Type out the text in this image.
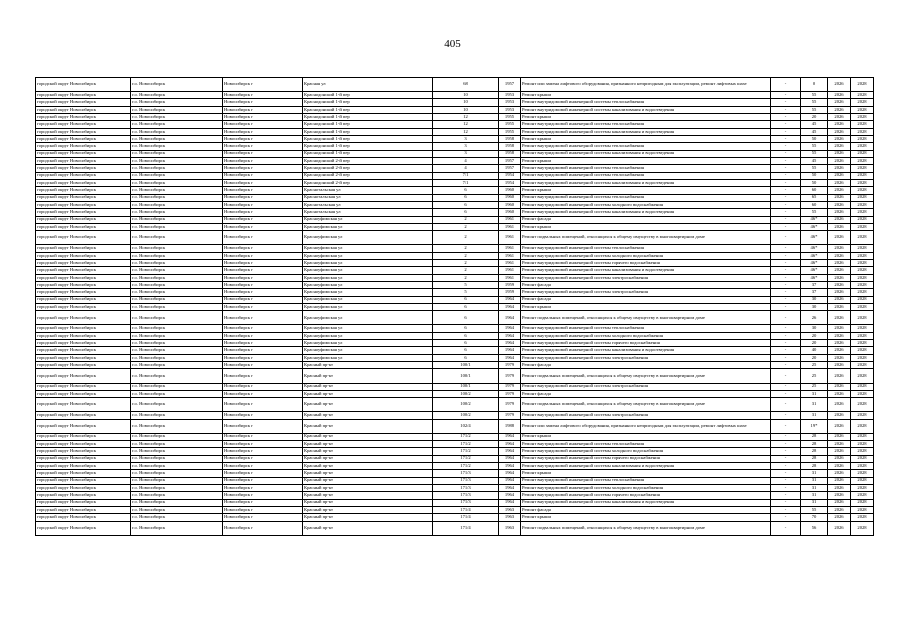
405
городской округ Новосибирск	г.о. Новосибирск	Новосибирск г	Красная ул	68	1957	Ремонт или замена лифтового оборудования, признанного непригодным для эксплуатации, ремонт лифтовых шахт	-	0	2026	2028
городской округ Новосибирск	г.о. Новосибирск	Новосибирск г	Краснодонский 1-й пер	10	1953	Ремонт крыши	-	55	2026	2028
городской округ Новосибирск	г.о. Новосибирск	Новосибирск г	Краснодонский 1-й пер	10	1953	Ремонт внутридомовой инженерной системы теплоснабжения	-	55	2026	2028
городской округ Новосибирск	г.о. Новосибирск	Новосибирск г	Краснодонский 1-й пер	10	1953	Ремонт внутридомовой инженерной системы канализования и водоотведения	-	55	2026	2028
городской округ Новосибирск	г.о. Новосибирск	Новосибирск г	Краснодонский 1-й пер	12	1955	Ремонт крыши	-	20	2026	2028
городской округ Новосибирск	г.о. Новосибирск	Новосибирск г	Краснодонский 1-й пер	12	1955	Ремонт внутридомовой инженерной системы теплоснабжения	-	45	2026	2028
городской округ Новосибирск	г.о. Новосибирск	Новосибирск г	Краснодонский 1-й пер	12	1955	Ремонт внутридомовой инженерной системы канализования и водоотведения	-	45	2026	2028
городской округ Новосибирск	г.о. Новосибирск	Новосибирск г	Краснодонский 1-й пер	3	1958	Ремонт крыши	-	50	2026	2028
городской округ Новосибирск	г.о. Новосибирск	Новосибирск г	Краснодонский 1-й пер	3	1958	Ремонт внутридомовой инженерной системы теплоснабжения	-	55	2026	2028
городской округ Новосибирск	г.о. Новосибирск	Новосибирск г	Краснодонский 1-й пер	3	1958	Ремонт внутридомовой инженерной системы канализования и водоотведения	-	55	2026	2028
городской округ Новосибирск	г.о. Новосибирск	Новосибирск г	Краснодонский 2-й пер	4	1957	Ремонт крыши	-	45	2026	2028
городской округ Новосибирск	г.о. Новосибирск	Новосибирск г	Краснодонский 2-й пер	4	1957	Ремонт внутридомовой инженерной системы теплоснабжения	-	55	2026	2028
городской округ Новосибирск	г.о. Новосибирск	Новосибирск г	Краснодонский 2-й пер	7/1	1954	Ремонт внутридомовой инженерной системы теплоснабжения	-	50	2026	2028
городской округ Новосибирск	г.о. Новосибирск	Новосибирск г	Краснодонский 2-й пер	7/1	1954	Ремонт внутридомовой инженерной системы канализования и водоотведения	-	50	2026	2028
городской округ Новосибирск	г.о. Новосибирск	Новосибирск г	Краснотальская ул	6	1960	Ремонт крыши	-	60	2026	2028
городской округ Новосибирск	г.о. Новосибирск	Новосибирск г	Краснотальская ул	6	1960	Ремонт внутридомовой инженерной системы теплоснабжения	-	65	2026	2028
городской округ Новосибирск	г.о. Новосибирск	Новосибирск г	Краснотальская ул	6	1960	Ремонт внутридомовой инженерной системы холодного водоснабжения	-	60	2026	2028
городской округ Новосибирск	г.о. Новосибирск	Новосибирск г	Краснотальская ул	6	1960	Ремонт внутридомовой инженерной системы канализования и водоотведения	-	55	2026	2028
городской округ Новосибирск	г.о. Новосибирск	Новосибирск г	Красноуфимская ул	2	1961	Ремонт фасада	-	46*	2026	2028
городской округ Новосибирск	г.о. Новосибирск	Новосибирск г	Красноуфимская ул	2	1961	Ремонт крыши	-	46*	2026	2028
городской округ Новосибирск	г.о. Новосибирск	Новосибирск г	Красноуфимская ул	2	1961	Ремонт подвальных помещений, относящихся к общему имуществу в многоквартирном доме	-	46*	2026	2028
городской округ Новосибирск	г.о. Новосибирск	Новосибирск г	Красноуфимская ул	2	1961	Ремонт внутридомовой инженерной системы теплоснабжения	-	46*	2026	2028
городской округ Новосибирск	г.о. Новосибирск	Новосибирск г	Красноуфимская ул	2	1961	Ремонт внутридомовой инженерной системы холодного водоснабжения	-	46*	2026	2028
городской округ Новосибирск	г.о. Новосибирск	Новосибирск г	Красноуфимская ул	2	1961	Ремонт внутридомовой инженерной системы горячего водоснабжения	-	46*	2026	2028
городской округ Новосибирск	г.о. Новосибирск	Новосибирск г	Красноуфимская ул	2	1961	Ремонт внутридомовой инженерной системы канализования и водоотведения	-	46*	2026	2028
городской округ Новосибирск	г.о. Новосибирск	Новосибирск г	Красноуфимская ул	2	1961	Ремонт внутридомовой инженерной системы электроснабжения	-	46*	2026	2028
городской округ Новосибирск	г.о. Новосибирск	Новосибирск г	Красноуфимская ул	5	1959	Ремонт фасада	-	37	2026	2028
городской округ Новосибирск	г.о. Новосибирск	Новосибирск г	Красноуфимская ул	5	1959	Ремонт внутридомовой инженерной системы электроснабжения	-	37	2026	2028
городской округ Новосибирск	г.о. Новосибирск	Новосибирск г	Красноуфимская ул	6	1964	Ремонт фасада	-	30	2026	2028
городской округ Новосибирск	г.о. Новосибирск	Новосибирск г	Красноуфимская ул	6	1964	Ремонт крыши	-	30	2026	2028
городской округ Новосибирск	г.о. Новосибирск	Новосибирск г	Красноуфимская ул	6	1964	Ремонт подвальных помещений, относящихся к общему имуществу в многоквартирном доме	-	26	2026	2028
городской округ Новосибирск	г.о. Новосибирск	Новосибирск г	Красноуфимская ул	6	1964	Ремонт внутридомовой инженерной системы теплоснабжения	-	30	2026	2028
городской округ Новосибирск	г.о. Новосибирск	Новосибирск г	Красноуфимская ул	6	1964	Ремонт внутридомовой инженерной системы холодного водоснабжения	-	20	2026	2028
городской округ Новосибирск	г.о. Новосибирск	Новосибирск г	Красноуфимская ул	6	1964	Ремонт внутридомовой инженерной системы горячего водоснабжения	-	20	2026	2028
городской округ Новосибирск	г.о. Новосибирск	Новосибирск г	Красноуфимская ул	6	1964	Ремонт внутридомовой инженерной системы канализования и водоотведения	-	40	2026	2028
городской округ Новосибирск	г.о. Новосибирск	Новосибирск г	Красноуфимская ул	6	1964	Ремонт внутридомовой инженерной системы электроснабжения	-	20	2026	2028
городской округ Новосибирск	г.о. Новосибирск	Новосибирск г	Красный пр-кт	100/1	1979	Ремонт фасада	-	25	2026	2028
городской округ Новосибирск	г.о. Новосибирск	Новосибирск г	Красный пр-кт	100/1	1979	Ремонт подвальных помещений, относящихся к общему имуществу в многоквартирном доме	-	25	2026	2028
городской округ Новосибирск	г.о. Новосибирск	Новосибирск г	Красный пр-кт	100/1	1979	Ремонт внутридомовой инженерной системы электроснабжения	-	25	2026	2028
городской округ Новосибирск	г.о. Новосибирск	Новосибирск г	Красный пр-кт	100/2	1979	Ремонт фасада	-	31	2026	2028
городской округ Новосибирск	г.о. Новосибирск	Новосибирск г	Красный пр-кт	100/2	1979	Ремонт подвальных помещений, относящихся к общему имуществу в многоквартирном доме	-	31	2026	2028
городской округ Новосибирск	г.о. Новосибирск	Новосибирск г	Красный пр-кт	100/2	1979	Ремонт внутридомовой инженерной системы электроснабжения	-	31	2026	2028
городской округ Новосибирск	г.о. Новосибирск	Новосибирск г	Красный пр-кт	102/4	1988	Ремонт или замена лифтового оборудования, признанного непригодным для эксплуатации, ремонт лифтовых шахт	-	19*	2026	2028
городской округ Новосибирск	г.о. Новосибирск	Новосибирск г	Красный пр-кт	171/2	1964	Ремонт крыши	-	28	2026	2028
городской округ Новосибирск	г.о. Новосибирск	Новосибирск г	Красный пр-кт	171/2	1964	Ремонт внутридомовой инженерной системы теплоснабжения	-	28	2026	2028
городской округ Новосибирск	г.о. Новосибирск	Новосибирск г	Красный пр-кт	171/2	1964	Ремонт внутридомовой инженерной системы холодного водоснабжения	-	28	2026	2028
городской округ Новосибирск	г.о. Новосибирск	Новосибирск г	Красный пр-кт	171/2	1964	Ремонт внутридомовой инженерной системы горячего водоснабжения	-	28	2026	2028
городской округ Новосибирск	г.о. Новосибирск	Новосибирск г	Красный пр-кт	171/2	1964	Ремонт внутридомовой инженерной системы канализования и водоотведения	-	28	2026	2028
городской округ Новосибирск	г.о. Новосибирск	Новосибирск г	Красный пр-кт	171/3	1964	Ремонт крыши	-	31	2026	2028
городской округ Новосибирск	г.о. Новосибирск	Новосибирск г	Красный пр-кт	171/3	1964	Ремонт внутридомовой инженерной системы теплоснабжения	-	31	2026	2028
городской округ Новосибирск	г.о. Новосибирск	Новосибирск г	Красный пр-кт	171/3	1964	Ремонт внутридомовой инженерной системы холодного водоснабжения	-	31	2026	2028
городской округ Новосибирск	г.о. Новосибирск	Новосибирск г	Красный пр-кт	171/3	1964	Ремонт внутридомовой инженерной системы горячего водоснабжения	-	31	2026	2028
городской округ Новосибирск	г.о. Новосибирск	Новосибирск г	Красный пр-кт	171/3	1964	Ремонт внутридомовой инженерной системы канализования и водоотведения	-	31	2026	2028
городской округ Новосибирск	г.о. Новосибирск	Новосибирск г	Красный пр-кт	171/4	1963	Ремонт фасада	-	55	2026	2028
городской округ Новосибирск	г.о. Новосибирск	Новосибирск г	Красный пр-кт	171/4	1963	Ремонт крыши	-	70	2026	2028
городской округ Новосибирск	г.о. Новосибирск	Новосибирск г	Красный пр-кт	171/4	1963	Ремонт подвальных помещений, относящихся к общему имуществу в многоквартирном доме	-	56	2026	2028
